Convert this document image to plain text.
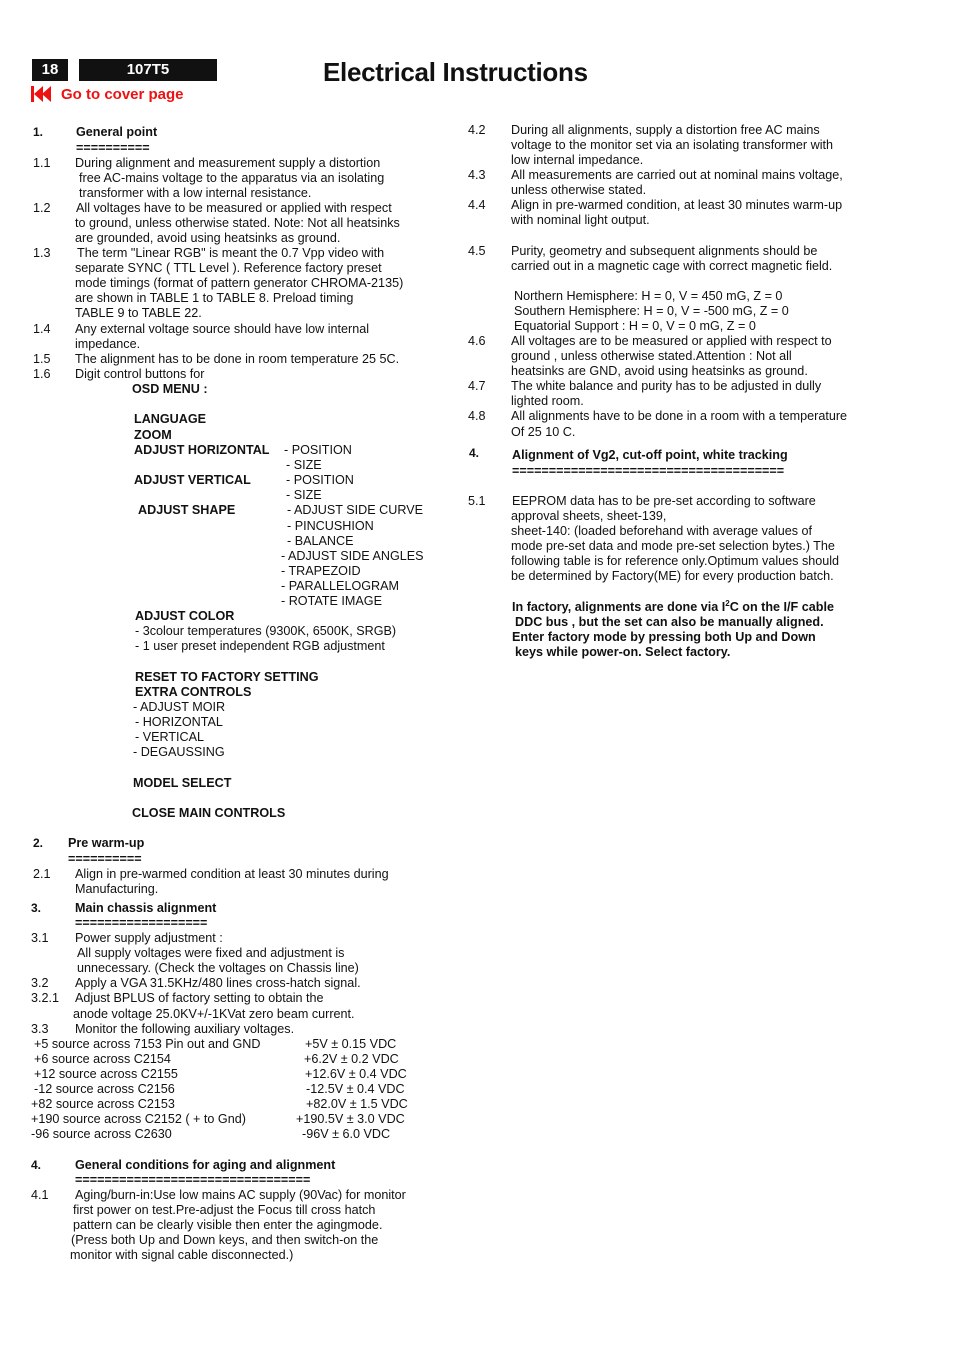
18	107T5	Electrical Instructions
Go to cover page
1.	General point
==========
1.1 During alignment and measurement supply a distortion
free AC-mains voltage to the apparatus via an isolating
transformer with a low internal resistance.
1.2 All voltages have to be measured or applied with respect
to ground, unless otherwise stated. Note: Not all heatsinks
are grounded, avoid using heatsinks as ground.
1.3 The term "Linear RGB" is meant the 0.7 Vpp video with
separate SYNC ( TTL Level ). Reference factory preset
mode timings (format of pattern generator CHROMA-2135)
are shown in TABLE 1 to TABLE 8. Preload timing
TABLE 9 to TABLE 22.
1.4 Any external voltage source should have low internal
impedance.
1.5 The alignment has to be done in room temperature 25 5C.
1.6 Digit control buttons for
OSD MENU :
LANGUAGE
ZOOM
ADJUST HORIZONTAL - POSITION
- SIZE
ADJUST VERTICAL	- POSITION
- SIZE
ADJUST SHAPE	- ADJUST SIDE CURVE
- PINCUSHION
- BALANCE
- ADJUST SIDE ANGLES
- TRAPEZOID
- PARALLELOGRAM
- ROTATE IMAGE
ADJUST COLOR
- 3colour temperatures (9300K, 6500K, SRGB)
- 1 user preset independent RGB adjustment
RESET TO FACTORY SETTING
EXTRA CONTROLS
- ADJUST MOIR
- HORIZONTAL
- VERTICAL
- DEGAUSSING
MODEL SELECT
CLOSE MAIN CONTROLS
2. Pre warm-up
==========
2.1 Align in pre-warmed condition at least 30 minutes during
Manufacturing.
3.	Main chassis alignment
==================
3.1 Power supply adjustment :
All supply voltages were fixed and adjustment is
unnecessary. (Check the voltages on Chassis line)
3.2 Apply a VGA 31.5KHz/480 lines cross-hatch signal.
3.2.1 Adjust BPLUS of factory setting to obtain the
anode voltage 25.0KV+/-1KVat zero beam current.
3.3 Monitor the following auxiliary voltages.
+5 source across 7153 Pin out and GND	+5V ± 0.15 VDC
+6 source across C2154	+6.2V ± 0.2 VDC
+12 source across C2155	+12.6V ± 0.4 VDC
-12 source across C2156	-12.5V ± 0.4 VDC
+82 source across C2153	+82.0V ± 1.5 VDC
+190 source across C2152 ( + to Gnd)	+190.5V ± 3.0 VDC
-96 source across C2630	-96V ± 6.0 VDC
4.	General conditions for aging and alignment
================================
4.1 Aging/burn-in:Use low mains AC supply (90Vac) for monitor
first power on test.Pre-adjust the Focus till cross hatch
pattern can be clearly visible then enter the agingmode.
(Press both Up and Down keys, and then switch-on the
monitor with signal cable disconnected.)
4.2 During all alignments, supply a distortion free AC mains
voltage to the monitor set via an isolating transformer with
low internal impedance.
4.3 All measurements are carried out at nominal mains voltage,
unless otherwise stated.
4.4 Align in pre-warmed condition, at least 30 minutes warm-up
with nominal light output.
4.5 Purity, geometry and subsequent alignments should be
carried out in a magnetic cage with correct magnetic field.
Northern Hemisphere: H = 0, V = 450 mG, Z = 0
Southern Hemisphere: H = 0, V = -500 mG, Z = 0
Equatorial Support : H = 0, V = 0 mG, Z = 0
4.6 All voltages are to be measured or applied with respect to
ground , unless otherwise stated.Attention : Not all
heatsinks are GND, avoid using heatsinks as ground.
4.7 The white balance and purity has to be adjusted in dully
lighted room.
4.8 All alignments have to be done in a room with a temperature
Of 25 10 C.
4.	Alignment of Vg2, cut-off point, white tracking
=====================================
5.1 EEPROM data has to be pre-set according to software
approval sheets, sheet-139,
sheet-140: (loaded beforehand with average values of
mode pre-set data and mode pre-set selection bytes.) The
following table is for reference only.Optimum values should
be determined by Factory(ME) for every production batch.
Enter factory mode by pressing both Up and Down
keys while power-on. Select factory.
In factory, alignments are done via $I^2C$ on the I/F cable
DDC bus , but the set can also be manually aligned.
